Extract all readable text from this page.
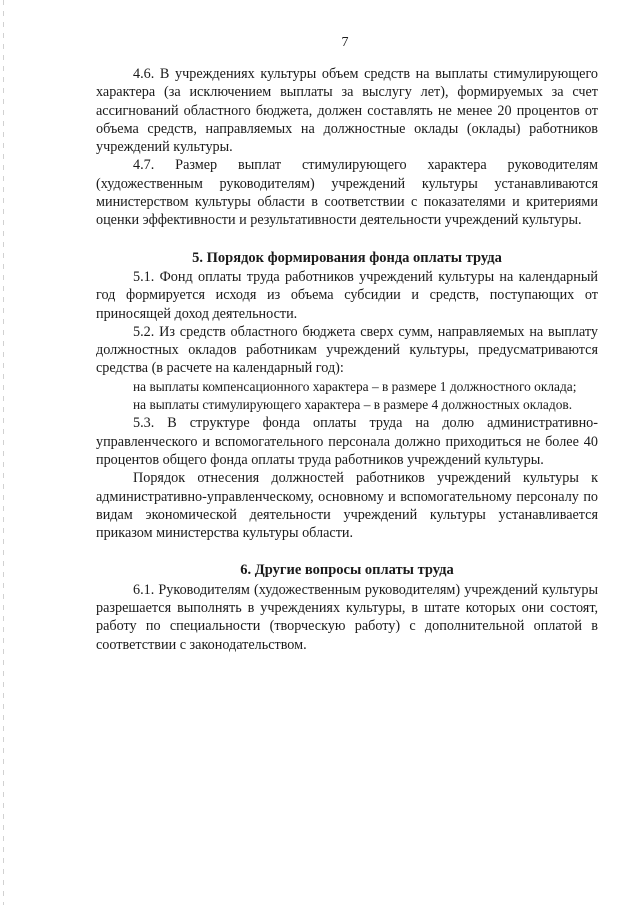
7

4.6. В учреждениях культуры объем средств на выплаты стимулирующего характера (за исключением выплаты за выслугу лет), формируемых за счет ассигнований областного бюджета, должен составлять не менее 20 процентов от объема средств, направляемых на должностные оклады (оклады) работников учреждений культуры.

4.7. Размер выплат стимулирующего характера руководителям (художественным руководителям) учреждений культуры устанавливаются министерством культуры области в соответствии с показателями и критериями оценки эффективности и результативности деятельности учреждений культуры.

5. Порядок формирования фонда оплаты труда

5.1. Фонд оплаты труда работников учреждений культуры на календарный год формируется исходя из объема субсидии и средств, поступающих от приносящей доход деятельности.

5.2. Из средств областного бюджета сверх сумм, направляемых на выплату должностных окладов работникам учреждений культуры, предусматриваются средства (в расчете на календарный год):

на выплаты компенсационного характера – в размере 1 должностного оклада;
на выплаты стимулирующего характера – в размере 4 должностных окладов.

5.3. В структуре фонда оплаты труда на долю административно-управленческого и вспомогательного персонала должно приходиться не более 40 процентов общего фонда оплаты труда работников учреждений культуры.

Порядок отнесения должностей работников учреждений культуры к административно-управленческому, основному и вспомогательному персоналу по видам экономической деятельности учреждений культуры устанавливается приказом министерства культуры области.

6. Другие вопросы оплаты труда

6.1. Руководителям (художественным руководителям) учреждений культуры разрешается выполнять в учреждениях культуры, в штате которых они состоят, работу по специальности (творческую работу) с дополнительной оплатой в соответствии с законодательством.
